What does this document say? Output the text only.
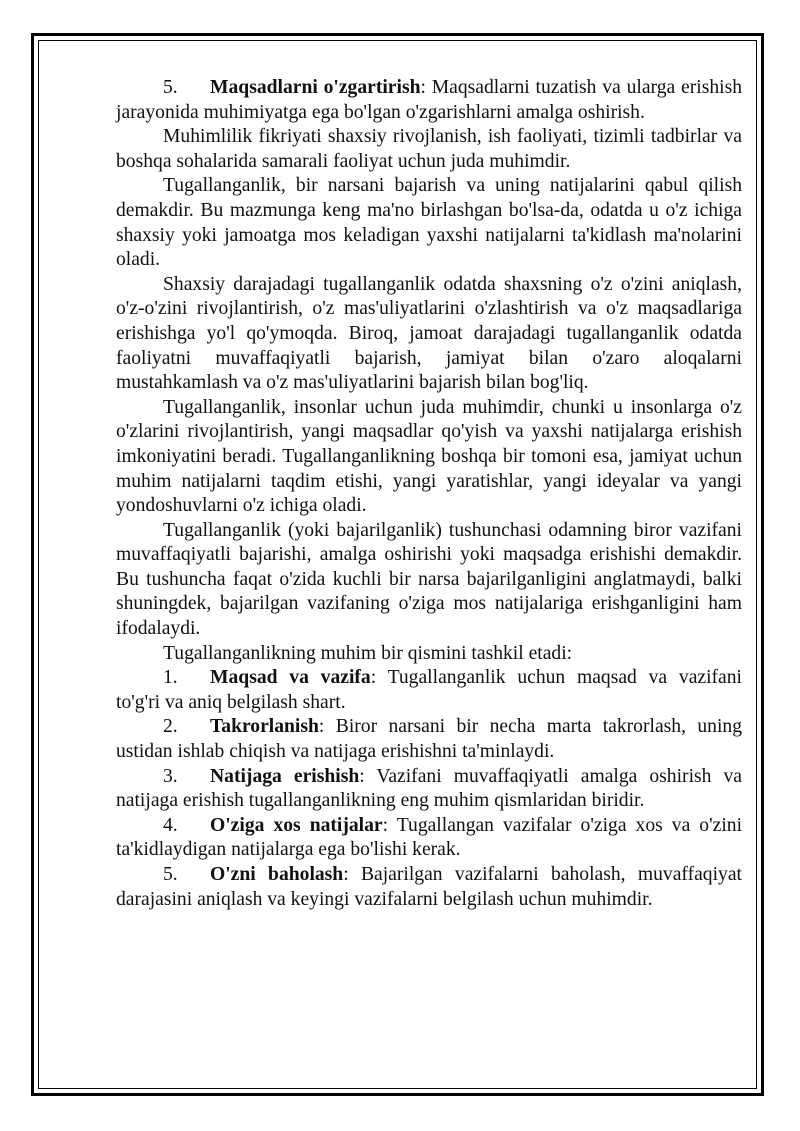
5. Maqsadlarni o'zgartirish: Maqsadlarni tuzatish va ularga erishish jarayonida muhimiyatga ega bo'lgan o'zgarishlarni amalga oshirish.

Muhimlilik fikriyati shaxsiy rivojlanish, ish faoliyati, tizimli tadbirlar va boshqa sohalarida samarali faoliyat uchun juda muhimdir.

Tugallanganlik, bir narsani bajarish va uning natijalarini qabul qilish demakdir. Bu mazmunga keng ma'no birlashgan bo'lsa-da, odatda u o'z ichiga shaxsiy yoki jamoatga mos keladigan yaxshi natijalarni ta'kidlash ma'nolarini oladi.

Shaxsiy darajadagi tugallanganlik odatda shaxsning o'z o'zini aniqlash, o'z-o'zini rivojlantirish, o'z mas'uliyatlarini o'zlashtirish va o'z maqsadlariga erishishga yo'l qo'ymoqda. Biroq, jamoat darajadagi tugallanganlik odatda faoliyatni muvaffaqiyatli bajarish, jamiyat bilan o'zaro aloqalarni mustahkamlash va o'z mas'uliyatlarini bajarish bilan bog'liq.

Tugallanganlik, insonlar uchun juda muhimdir, chunki u insonlarga o'z o'zlarini rivojlantirish, yangi maqsadlar qo'yish va yaxshi natijalarga erishish imkoniyatini beradi. Tugallanganlikning boshqa bir tomoni esa, jamiyat uchun muhim natijalarni taqdim etishi, yangi yaratishlar, yangi ideyalar va yangi yondoshuvlarni o'z ichiga oladi.

Tugallanganlik (yoki bajarilganlik) tushunchasi odamning biror vazifani muvaffaqiyatli bajarishi, amalga oshirishi yoki maqsadga erishishi demakdir. Bu tushuncha faqat o'zida kuchli bir narsa bajarilganligini anglatmaydi, balki shuningdek, bajarilgan vazifaning o'ziga mos natijalariga erishganligini ham ifodalaydi.

Tugallanganlikning muhim bir qismini tashkil etadi:

1. Maqsad va vazifa: Tugallanganlik uchun maqsad va vazifani to'g'ri va aniq belgilash shart.

2. Takrorlanish: Biror narsani bir necha marta takrorlash, uning ustidan ishlab chiqish va natijaga erishishni ta'minlaydi.

3. Natijaga erishish: Vazifani muvaffaqiyatli amalga oshirish va natijaga erishish tugallanganlikning eng muhim qismlaridan biridir.

4. O'ziga xos natijalar: Tugallangan vazifalar o'ziga xos va o'zini ta'kidlaydigan natijalarga ega bo'lishi kerak.

5. O'zni baholash: Bajarilgan vazifalarni baholash, muvaffaqiyat darajasini aniqlash va keyingi vazifalarni belgilash uchun muhimdir.
